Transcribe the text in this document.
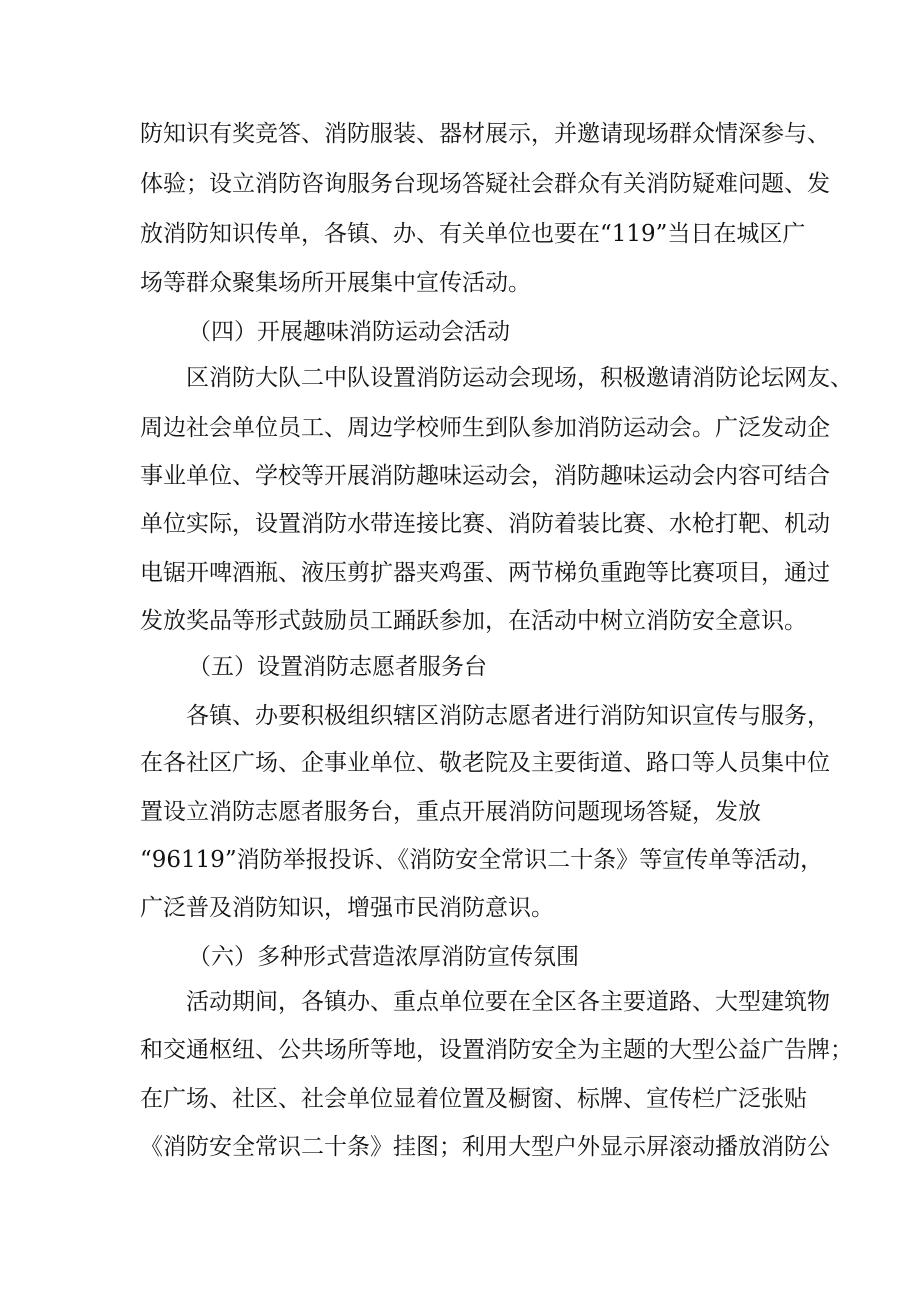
防知识有奖竞答、消防服装、器材展示，并邀请现场群众情深参与、
体验；设立消防咨询服务台现场答疑社会群众有关消防疑难问题、发
放消防知识传单，各镇、办、有关单位也要在“119”当日在城区广
场等群众聚集场所开展集中宣传活动。
（四）开展趣味消防运动会活动
区消防大队二中队设置消防运动会现场，积极邀请消防论坛网友、
周边社会单位员工、周边学校师生到队参加消防运动会。广泛发动企
事业单位、学校等开展消防趣味运动会，消防趣味运动会内容可结合
单位实际，设置消防水带连接比赛、消防着装比赛、水枪打靶、机动
电锯开啤酒瓶、液压剪扩器夹鸡蛋、两节梯负重跑等比赛项目，通过
发放奖品等形式鼓励员工踊跃参加，在活动中树立消防安全意识。
（五）设置消防志愿者服务台
各镇、办要积极组织辖区消防志愿者进行消防知识宣传与服务，
在各社区广场、企事业单位、敬老院及主要街道、路口等人员集中位
置设立消防志愿者服务台，重点开展消防问题现场答疑，发放
“96119”消防举报投诉、《消防安全常识二十条》等宣传单等活动，
广泛普及消防知识，增强市民消防意识。
（六）多种形式营造浓厚消防宣传氛围
活动期间，各镇办、重点单位要在全区各主要道路、大型建筑物
和交通枢纽、公共场所等地，设置消防安全为主题的大型公益广告牌；
在广场、社区、社会单位显着位置及橱窗、标牌、宣传栏广泛张贴
《消防安全常识二十条》挂图；利用大型户外显示屏滚动播放消防公
